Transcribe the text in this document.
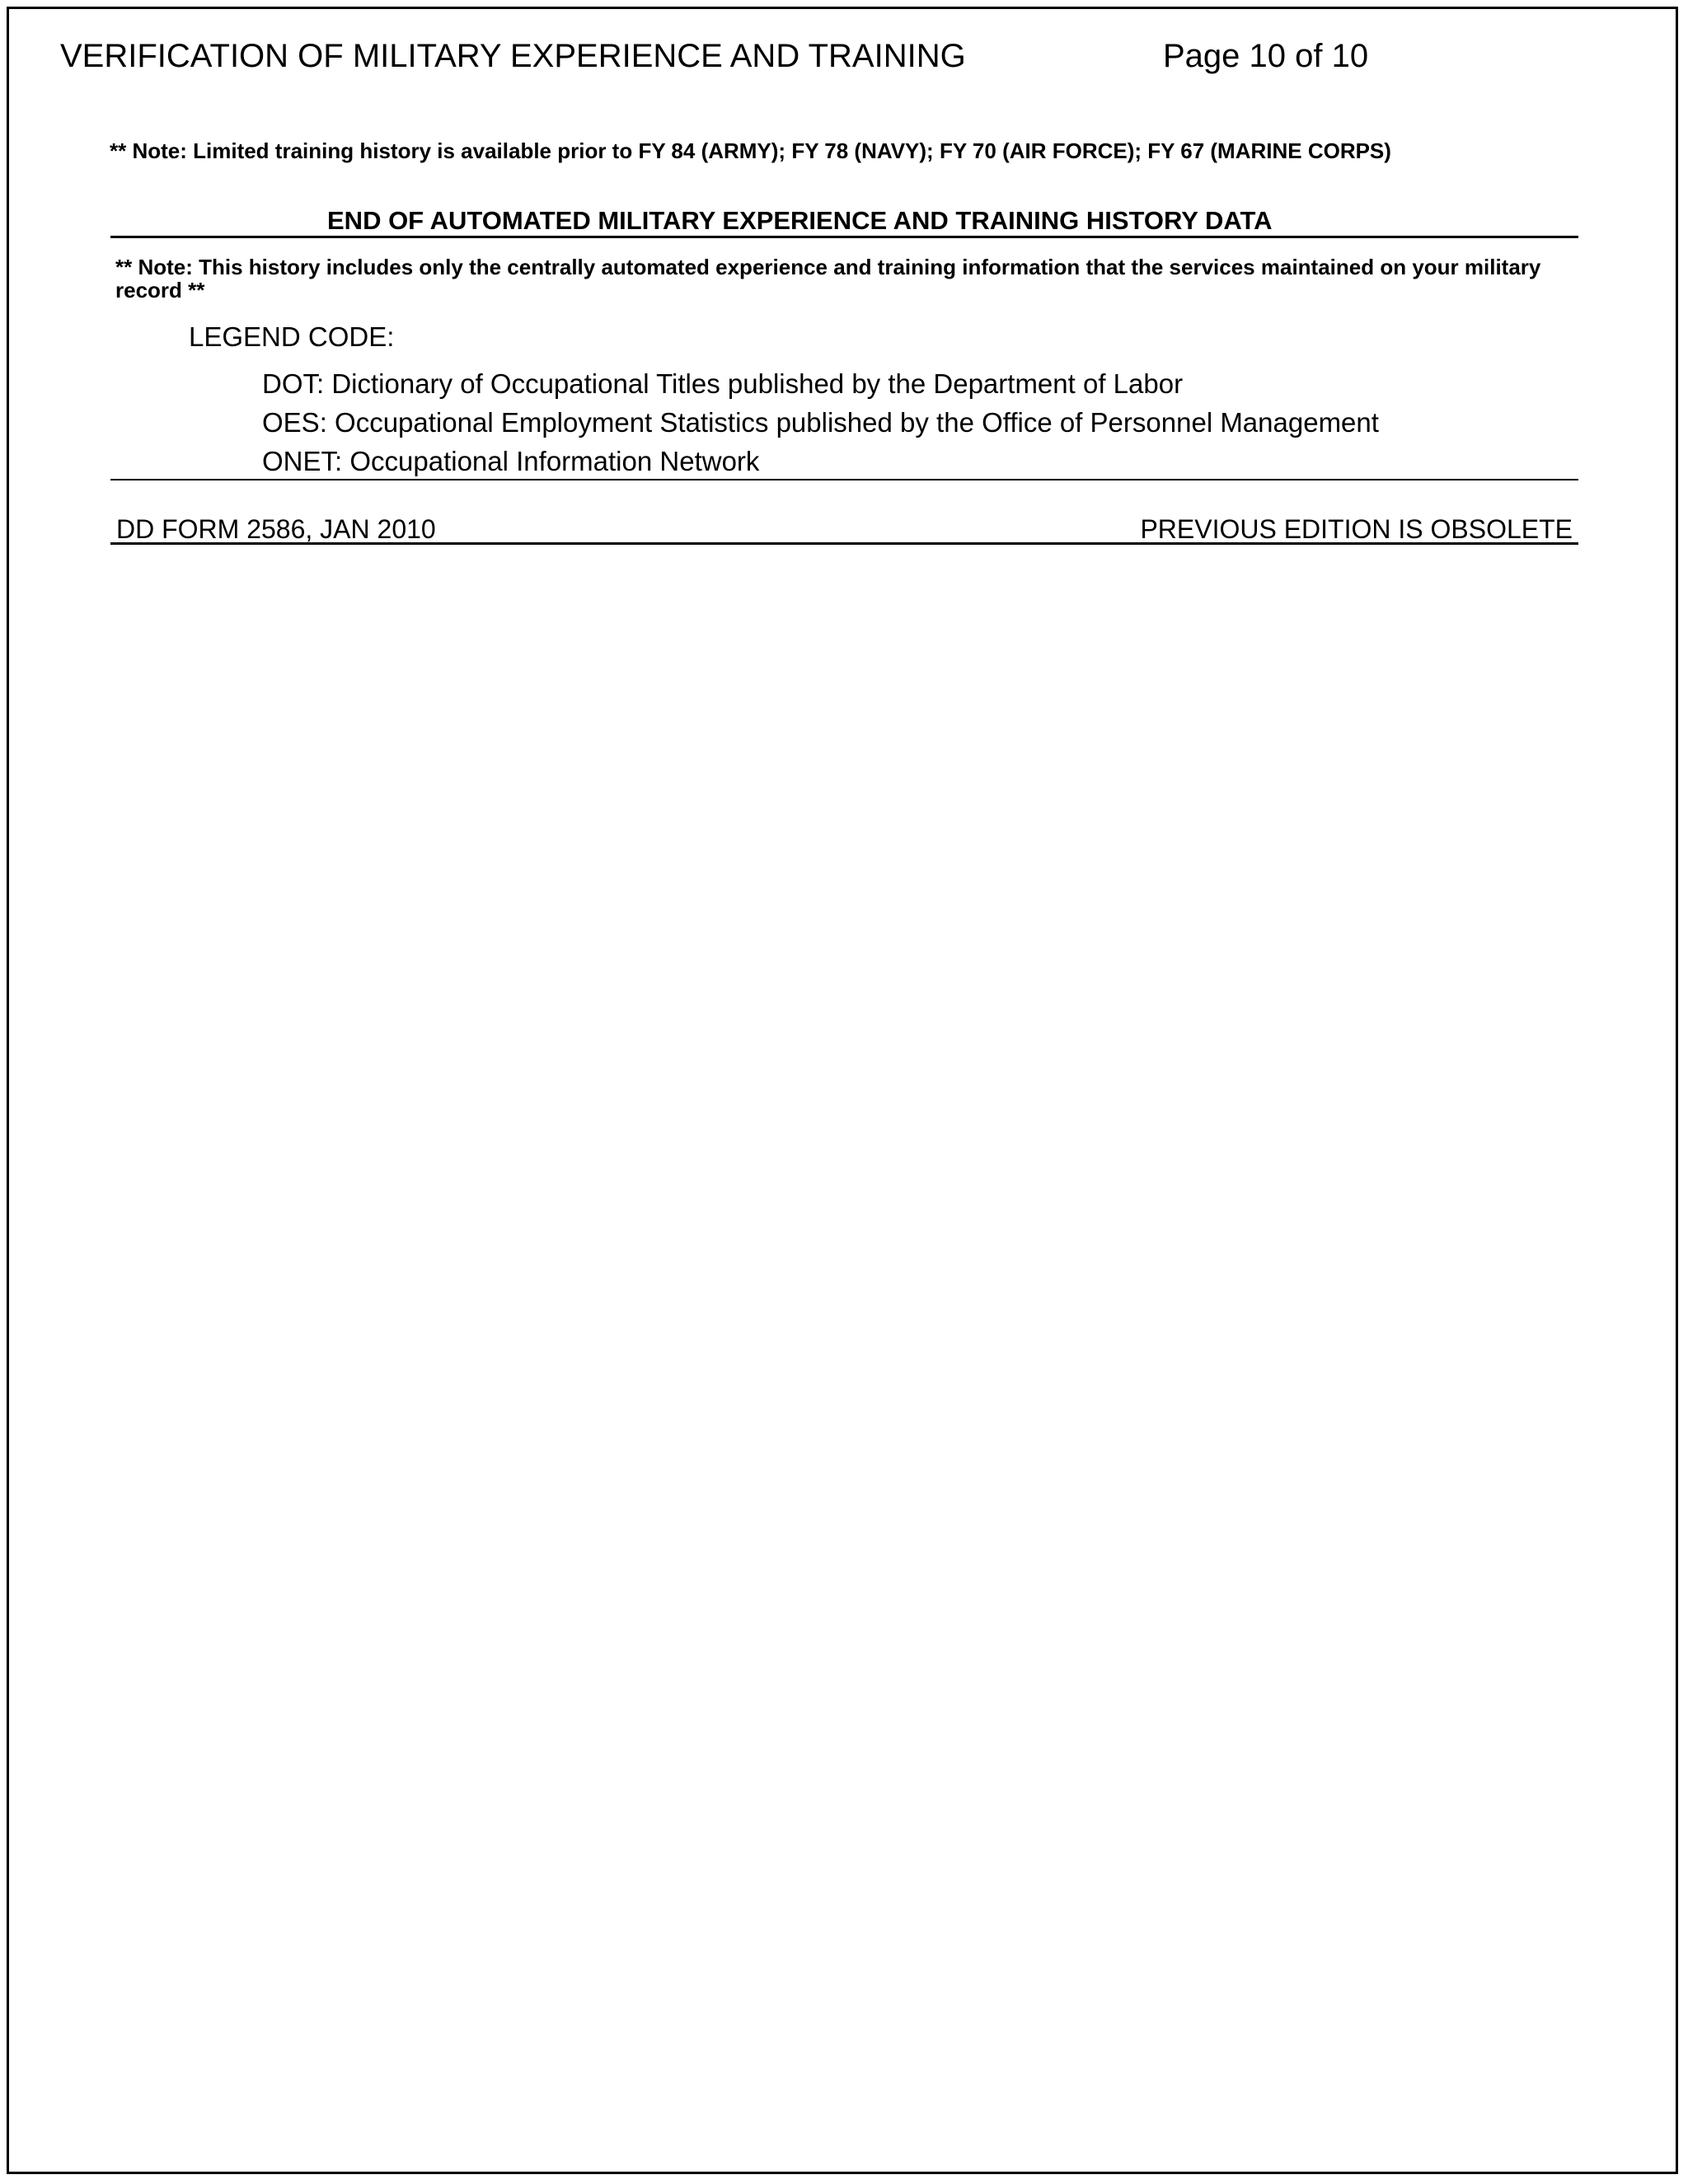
VERIFICATION OF MILITARY EXPERIENCE AND TRAINING	Page 10 of 10
** Note: Limited training history is available prior to FY 84 (ARMY); FY 78 (NAVY); FY 70 (AIR FORCE); FY 67 (MARINE CORPS)
END OF AUTOMATED MILITARY EXPERIENCE AND TRAINING HISTORY DATA
** Note: This history includes only the centrally automated experience and training information that the services maintained on your military record **
LEGEND CODE:
DOT: Dictionary of Occupational Titles published by the Department of Labor
OES: Occupational Employment Statistics published by the Office of Personnel Management
ONET: Occupational Information Network
DD FORM 2586, JAN 2010	PREVIOUS EDITION IS OBSOLETE
